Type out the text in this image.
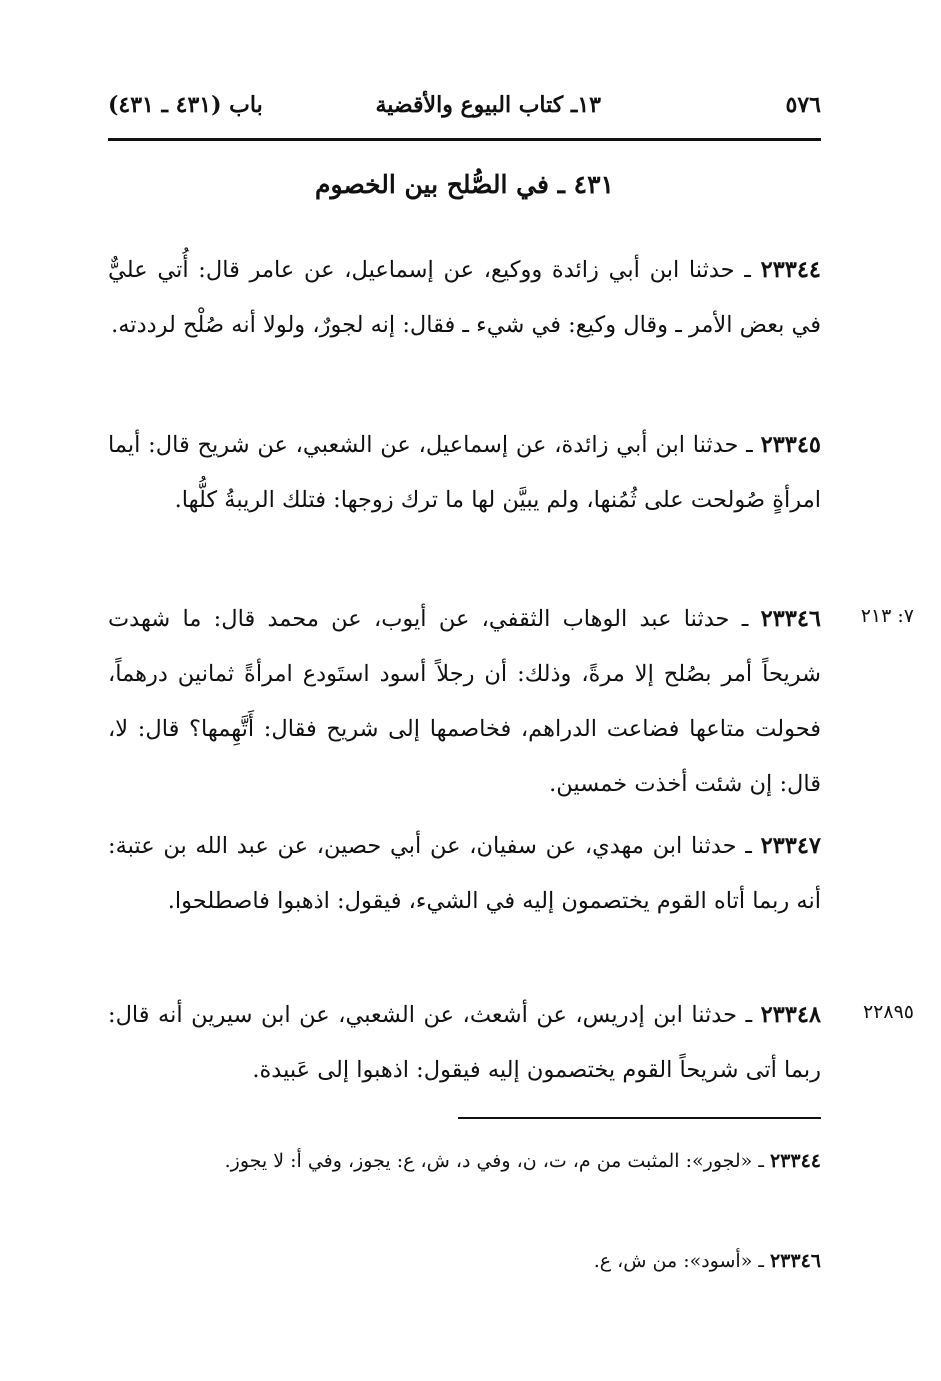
٥٧٦
١٣ـ كتاب البيوع والأقضية
باب (٤٣١ ـ ٤٣١)
٤٣١ ـ في الصُّلح بين الخصوم
٢٣٣٤٤ ـ حدثنا ابن أبي زائدة ووكيع، عن إسماعيل، عن عامر قال: أُتي عليٌّ في بعض الأمر ـ وقال وكيع: في شيء ـ فقال: إنه لجورٌ، ولولا أنه صُلْح لرددته.
٢٣٣٤٥ ـ حدثنا ابن أبي زائدة، عن إسماعيل، عن الشعبي، عن شريح قال: أيما امرأةٍ صُولحت على ثُمُنها، ولم يبيَّن لها ما ترك زوجها: فتلك الريبةُ كلُّها.
٧: ٢١٣
٢٣٣٤٦ ـ حدثنا عبد الوهاب الثقفي، عن أيوب، عن محمد قال: ما شهدت شريحاً أمر بصُلح إلا مرةً، وذلك: أن رجلاً أسود استَودع امرأةً ثمانين درهماً، فحولت متاعها فضاعت الدراهم، فخاصمها إلى شريح فقال: أَتَّهِمها؟ قال: لا، قال: إن شئت أخذت خمسين.
٢٣٣٤٧ ـ حدثنا ابن مهدي، عن سفيان، عن أبي حصين، عن عبد الله بن عتبة: أنه ربما أتاه القوم يختصمون إليه في الشيء، فيقول: اذهبوا فاصطلحوا.
٢٢٨٩٥
٢٣٣٤٨ ـ حدثنا ابن إدريس، عن أشعث، عن الشعبي، عن ابن سيرين أنه قال: ربما أتى شريحاً القوم يختصمون إليه فيقول: اذهبوا إلى عَبيدة.
٢٣٣٤٤ ـ «لجور»: المثبت من م، ت، ن، وفي د، ش، ع: يجوز، وفي أ: لا يجوز.
٢٣٣٤٦ ـ «أسود»: من ش، ع.
